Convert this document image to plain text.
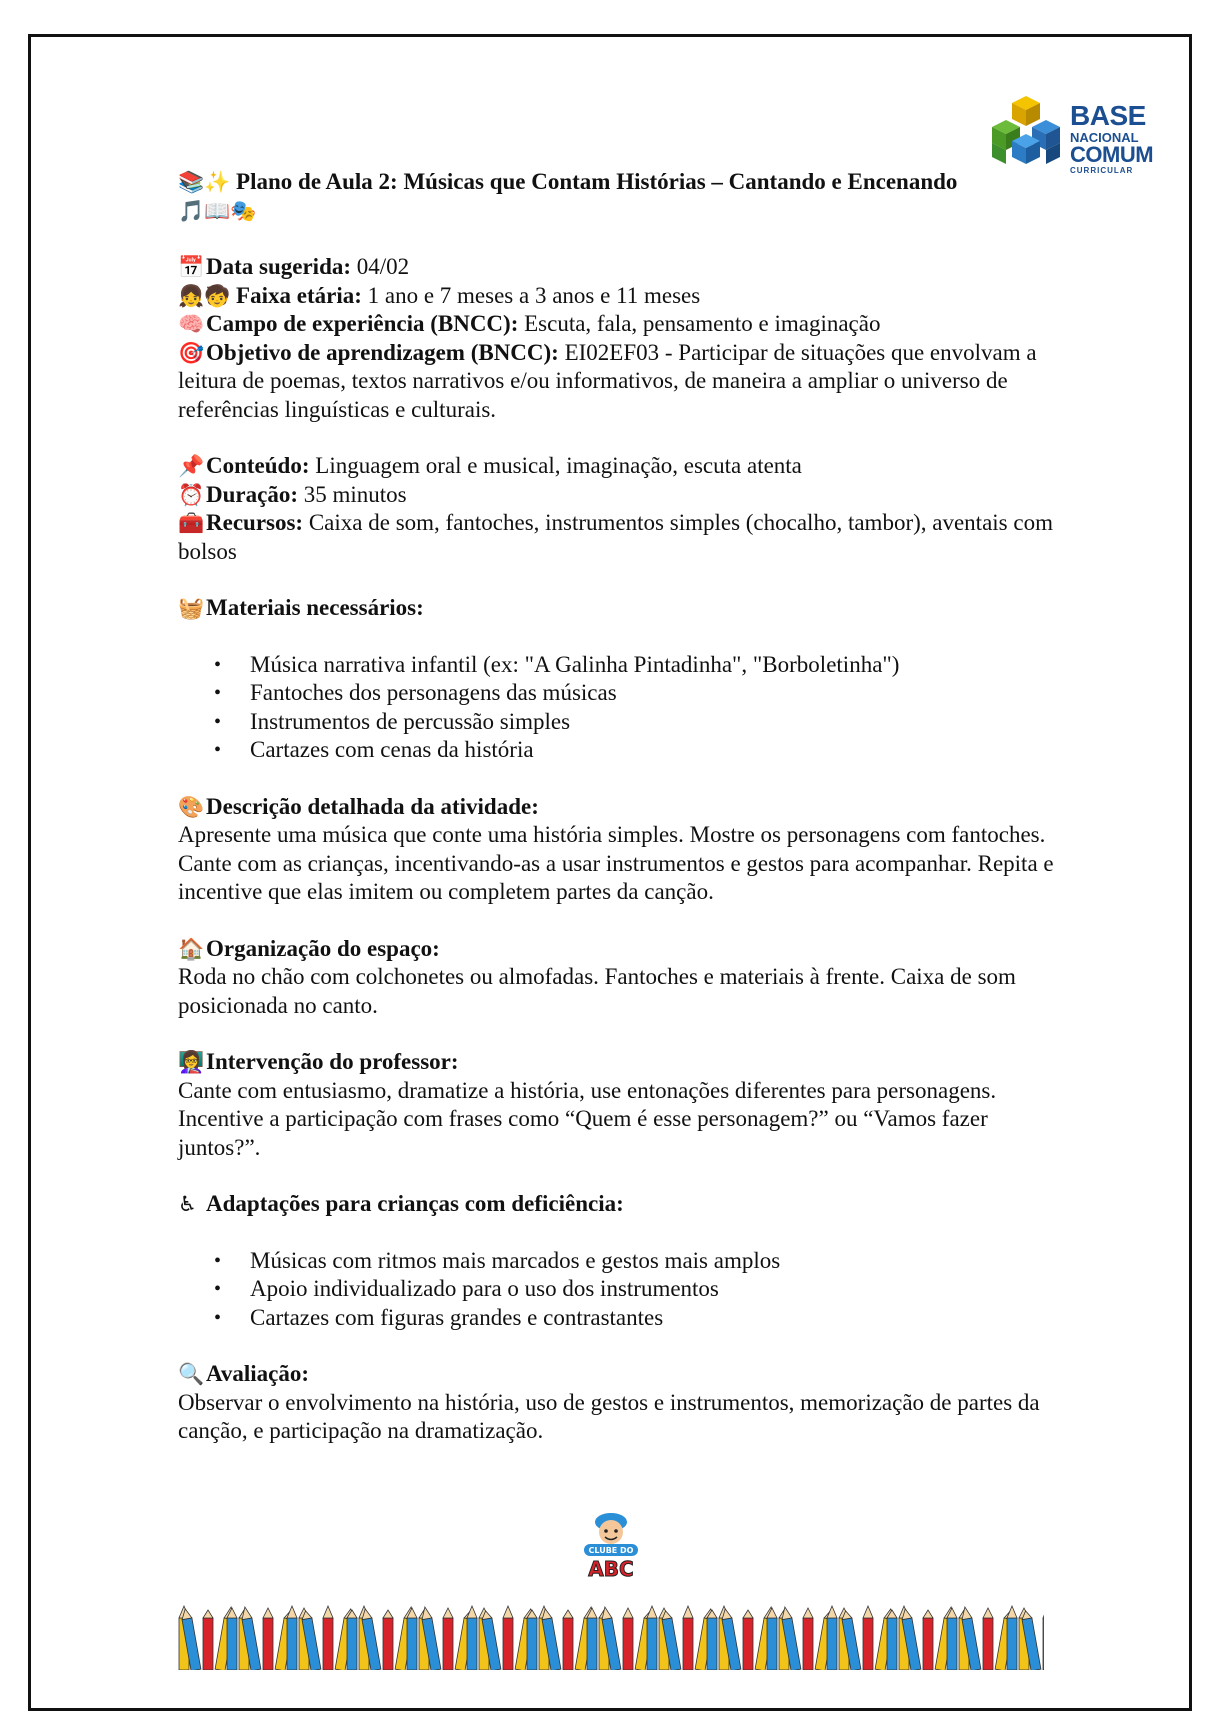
BASE
NACIONAL
COMUM
CURRICULAR
📚✨ Plano de Aula 2: Músicas que Contam Histórias – Cantando e Encenando
🎵📖🎭
📅Data sugerida: 04/02
👧🧒 Faixa etária: 1 ano e 7 meses a 3 anos e 11 meses
🧠Campo de experiência (BNCC): Escuta, fala, pensamento e imaginação
🎯Objetivo de aprendizagem (BNCC): EI02EF03 - Participar de situações que envolvam a leitura de poemas, textos narrativos e/ou informativos, de maneira a ampliar o universo de referências linguísticas e culturais.
📌Conteúdo: Linguagem oral e musical, imaginação, escuta atenta
⏰Duração: 35 minutos
🧰Recursos: Caixa de som, fantoches, instrumentos simples (chocalho, tambor), aventais com bolsos
🧺Materiais necessários:
• Música narrativa infantil (ex: "A Galinha Pintadinha", "Borboletinha")
• Fantoches dos personagens das músicas
• Instrumentos de percussão simples
• Cartazes com cenas da história
🎨Descrição detalhada da atividade:
Apresente uma música que conte uma história simples. Mostre os personagens com fantoches. Cante com as crianças, incentivando-as a usar instrumentos e gestos para acompanhar. Repita e incentive que elas imitem ou completem partes da canção.
🏠Organização do espaço:
Roda no chão com colchonetes ou almofadas. Fantoches e materiais à frente. Caixa de som posicionada no canto.
👩‍🏫Intervenção do professor:
Cante com entusiasmo, dramatize a história, use entonações diferentes para personagens. Incentive a participação com frases como “Quem é esse personagem?” ou “Vamos fazer juntos?”.
♿ Adaptações para crianças com deficiência:
• Músicas com ritmos mais marcados e gestos mais amplos
• Apoio individualizado para o uso dos instrumentos
• Cartazes com figuras grandes e contrastantes
🔍Avaliação:
Observar o envolvimento na história, uso de gestos e instrumentos, memorização de partes da canção, e participação na dramatização.
CLUBE DO
ABC
